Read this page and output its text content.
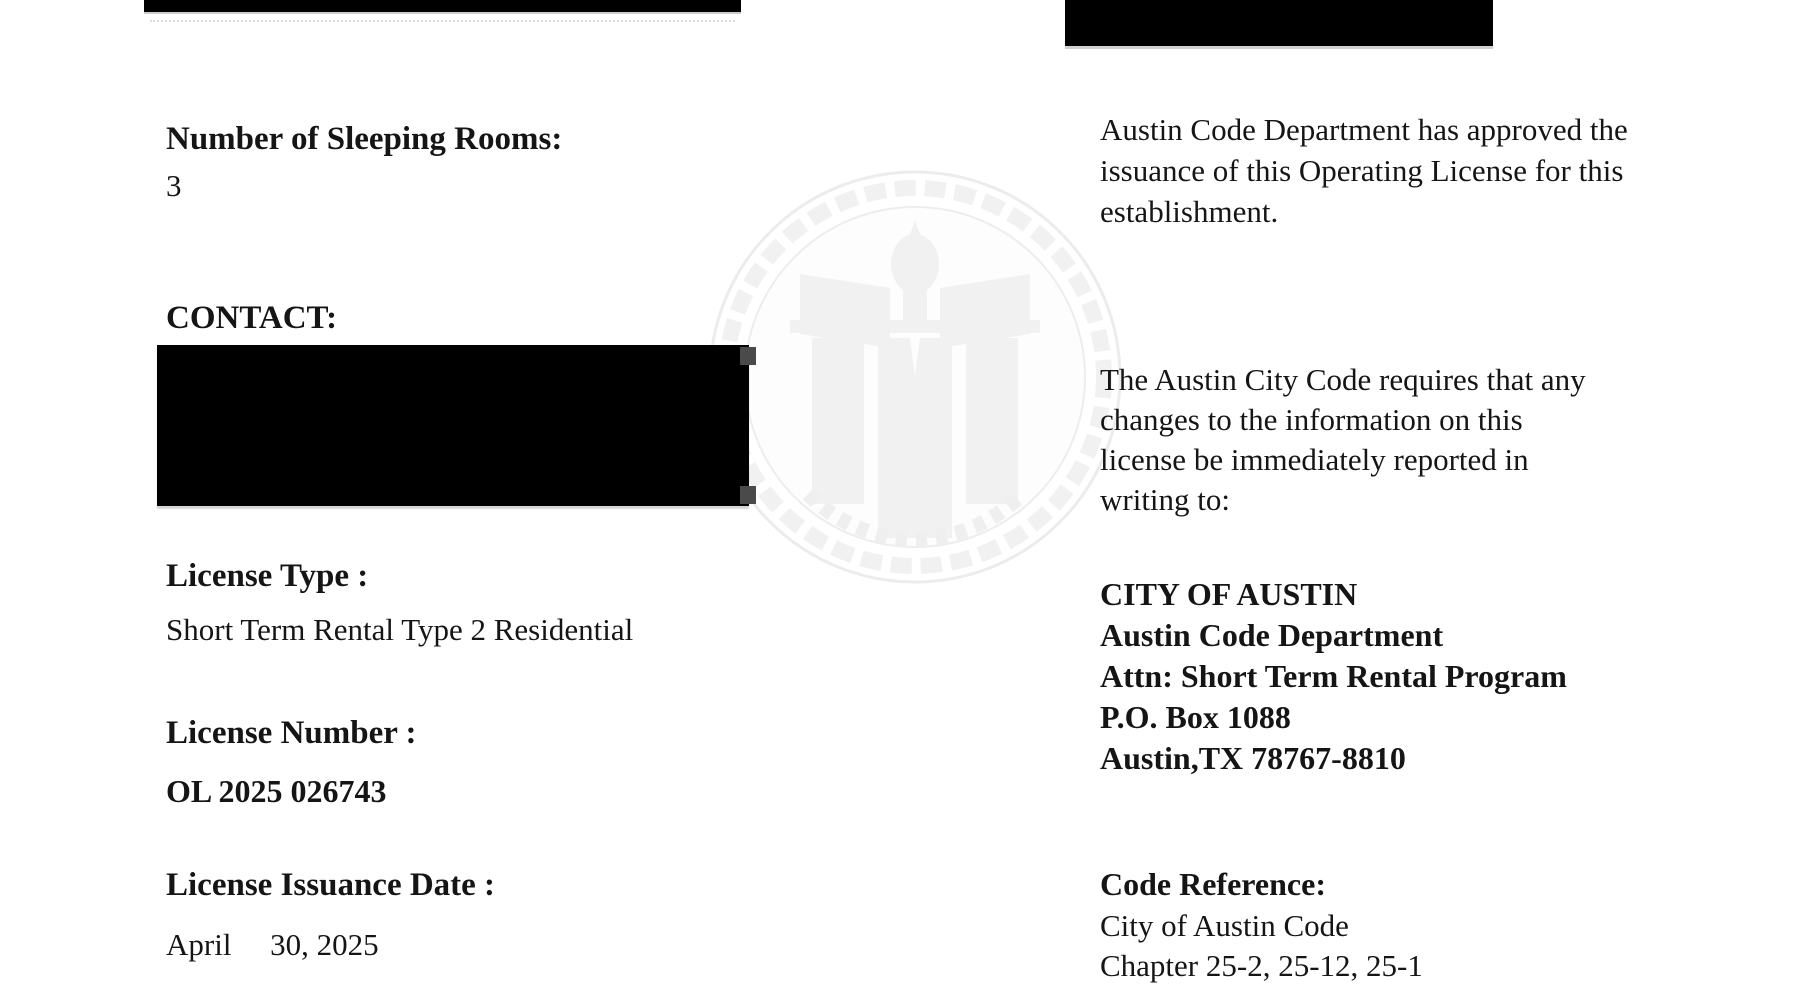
Number of Sleeping Rooms:
3
CONTACT:
License Type :
Short Term Rental Type 2 Residential
License Number :
OL 2025 026743
License Issuance Date :
April     30, 2025
Austin Code Department has approved the
issuance of this Operating License for this
establishment.
The Austin City Code requires that any
changes to the information on this
license be immediately reported in
writing to:
CITY OF AUSTIN
Austin Code Department
Attn: Short Term Rental Program
P.O. Box 1088
Austin,TX 78767-8810
Code Reference:
City of Austin Code
Chapter 25-2, 25-12, 25-1
